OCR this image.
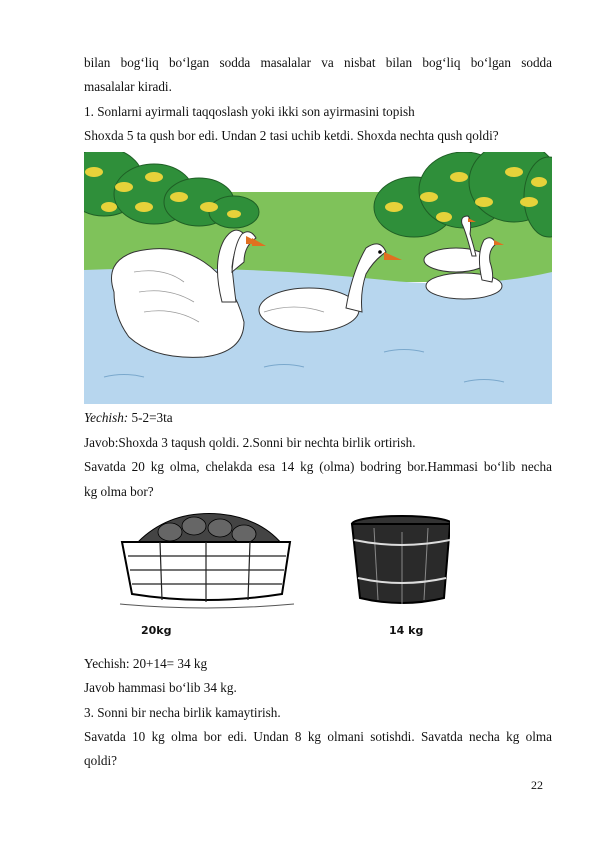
bilan bog‘liq bo‘lgan sodda masalalar va nisbat bilan bog‘liq bo‘lgan sodda
masalalar kiradi.
1. Sonlarni ayirmali taqqoslash yoki ikki son ayirmasini topish
Shoxda 5 ta qush bor edi. Undan 2 tasi uchib ketdi. Shoxda nechta qush qoldi?
Yechish: 5-2=3ta
Javob:Shoxda 3 taqush qoldi. 2.Sonni bir nechta birlik ortirish.
Savatda 20 kg olma, chelakda esa 14 kg (olma) bodring bor.Hammasi bo‘lib necha
kg olma bor?
20kg	14 kg
Yechish: 20+14= 34 kg
Javob hammasi bo‘lib 34 kg.
3. Sonni bir necha birlik kamaytirish.
Savatda 10 kg olma bor edi. Undan 8 kg olmani sotishdi. Savatda necha kg olma
qoldi?
22
